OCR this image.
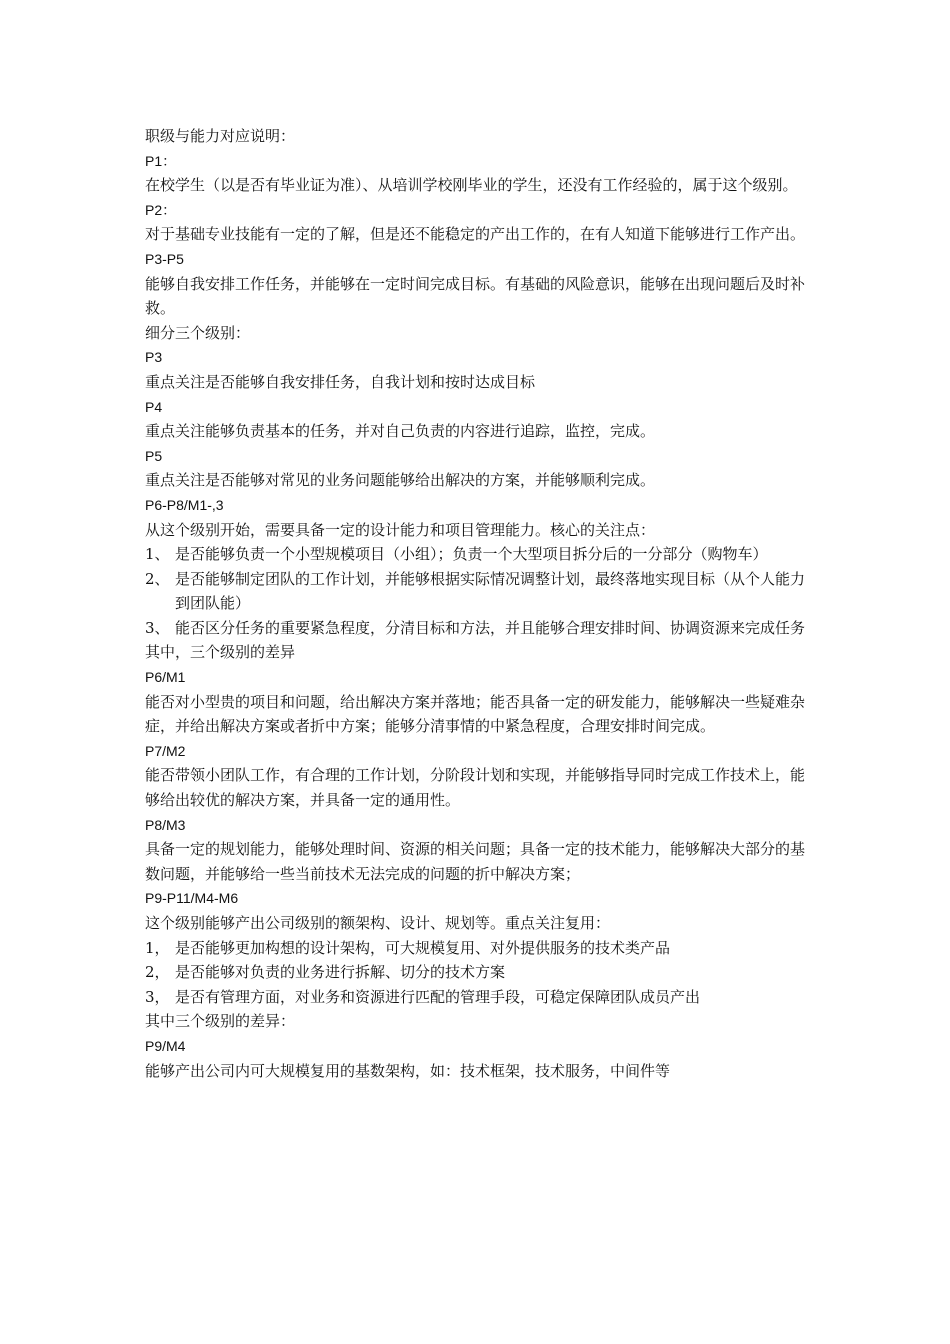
职级与能力对应说明：

P1：

在校学生（以是否有毕业证为准）、从培训学校刚毕业的学生，还没有工作经验的，属于这个级别。

P2：

对于基础专业技能有一定的了解，但是还不能稳定的产出工作的，在有人知道下能够进行工作产出。

P3-P5

能够自我安排工作任务，并能够在一定时间完成目标。有基础的风险意识，能够在出现问题后及时补救。

细分三个级别：

P3

重点关注是否能够自我安排任务，自我计划和按时达成目标

P4

重点关注能够负责基本的任务，并对自己负责的内容进行追踪，监控，完成。

P5

重点关注是否能够对常见的业务问题能够给出解决的方案，并能够顺利完成。

P6-P8/M1-,3

从这个级别开始，需要具备一定的设计能力和项目管理能力。核心的关注点：

1、 是否能够负责一个小型规模项目（小组）；负责一个大型项目拆分后的一分部分（购物车）
2、 是否能够制定团队的工作计划，并能够根据实际情况调整计划，最终落地实现目标（从个人能力到团队能）
3、 能否区分任务的重要紧急程度，分清目标和方法，并且能够合理安排时间、协调资源来完成任务

其中，三个级别的差异

P6/M1

能否对小型贵的项目和问题，给出解决方案并落地；能否具备一定的研发能力，能够解决一些疑难杂症，并给出解决方案或者折中方案；能够分清事情的中紧急程度，合理安排时间完成。

P7/M2

能否带领小团队工作，有合理的工作计划，分阶段计划和实现，并能够指导同时完成工作技术上，能够给出较优的解决方案，并具备一定的通用性。

P8/M3

具备一定的规划能力，能够处理时间、资源的相关问题；具备一定的技术能力，能够解决大部分的基数问题，并能够给一些当前技术无法完成的问题的折中解决方案；

P9-P11/M4-M6

这个级别能够产出公司级别的额架构、设计、规划等。重点关注复用：

1， 是否能够更加构想的设计架构，可大规模复用、对外提供服务的技术类产品
2， 是否能够对负责的业务进行拆解、切分的技术方案
3， 是否有管理方面，对业务和资源进行匹配的管理手段，可稳定保障团队成员产出

其中三个级别的差异：

P9/M4

能够产出公司内可大规模复用的基数架构，如：技术框架，技术服务，中间件等
